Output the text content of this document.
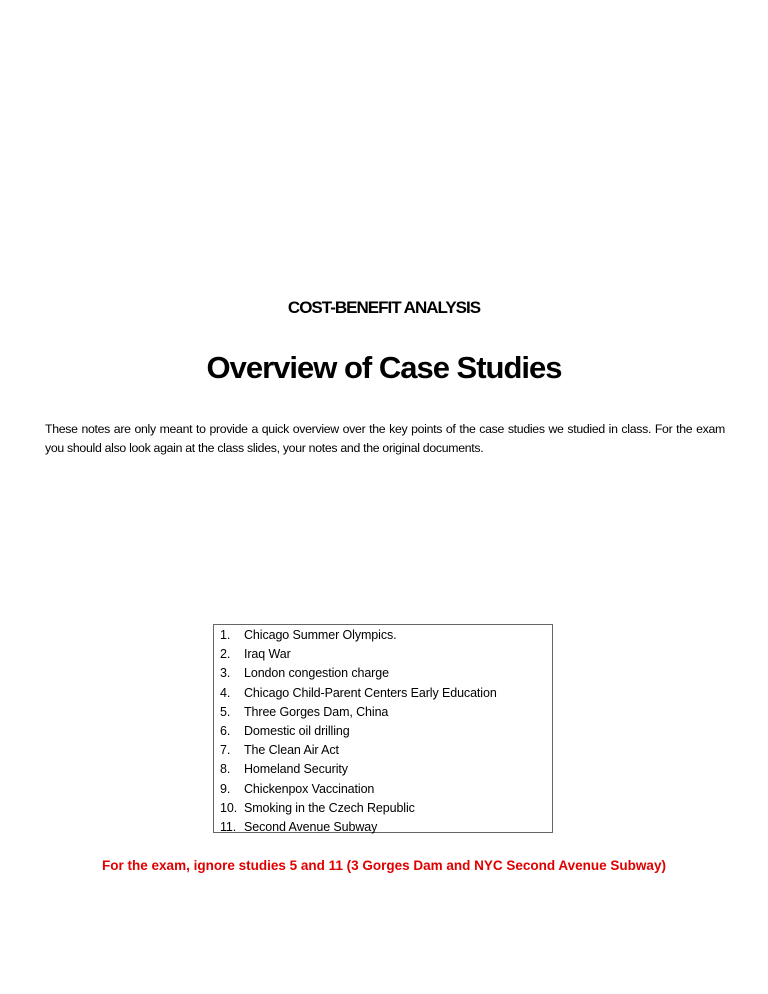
COST-BENEFIT ANALYSIS
Overview of Case Studies

These notes are only meant to provide a quick overview over the key points of the case studies we studied in class. For the exam you should also look again at the class slides, your notes and the original documents.

1.	Chicago Summer Olympics.
2.	Iraq War
3.	London congestion charge
4.	Chicago Child-Parent Centers Early Education
5.	Three Gorges Dam, China
6.	Domestic oil drilling
7.	The Clean Air Act
8.	Homeland Security
9.	Chickenpox Vaccination
10. Smoking in the Czech Republic
11. Second Avenue Subway
For the exam, ignore studies 5 and 11 (3 Gorges Dam and NYC Second Avenue Subway)
